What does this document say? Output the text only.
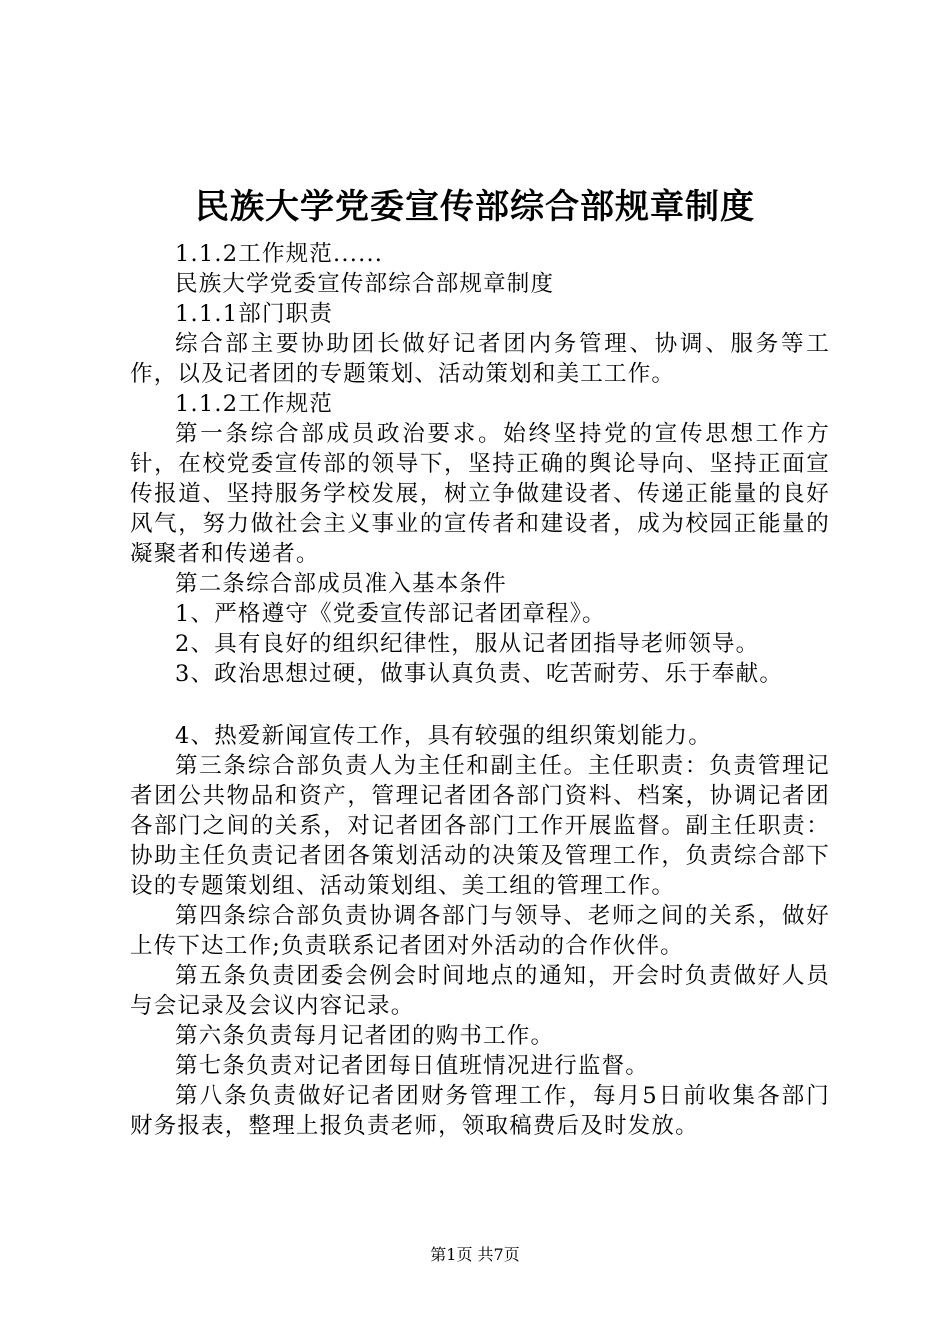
民族大学党委宣传部综合部规章制度

1.1.2工作规范......

民族大学党委宣传部综合部规章制度

1.1.1部门职责

综合部主要协助团长做好记者团内务管理、协调、服务等工作，以及记者团的专题策划、活动策划和美工工作。

1.1.2工作规范

第一条综合部成员政治要求。始终坚持党的宣传思想工作方针，在校党委宣传部的领导下，坚持正确的舆论导向、坚持正面宣传报道、坚持服务学校发展，树立争做建设者、传递正能量的良好风气，努力做社会主义事业的宣传者和建设者，成为校园正能量的凝聚者和传递者。

第二条综合部成员准入基本条件

1、严格遵守《党委宣传部记者团章程》。

2、具有良好的组织纪律性，服从记者团指导老师领导。

3、政治思想过硬，做事认真负责、吃苦耐劳、乐于奉献。

4、热爱新闻宣传工作，具有较强的组织策划能力。

第三条综合部负责人为主任和副主任。主任职责：负责管理记者团公共物品和资产，管理记者团各部门资料、档案，协调记者团各部门之间的关系，对记者团各部门工作开展监督。副主任职责：协助主任负责记者团各策划活动的决策及管理工作，负责综合部下设的专题策划组、活动策划组、美工组的管理工作。

第四条综合部负责协调各部门与领导、老师之间的关系，做好上传下达工作;负责联系记者团对外活动的合作伙伴。

第五条负责团委会例会时间地点的通知，开会时负责做好人员与会记录及会议内容记录。

第六条负责每月记者团的购书工作。

第七条负责对记者团每日值班情况进行监督。

第八条负责做好记者团财务管理工作，每月5日前收集各部门财务报表，整理上报负责老师，领取稿费后及时发放。

第1页 共7页
